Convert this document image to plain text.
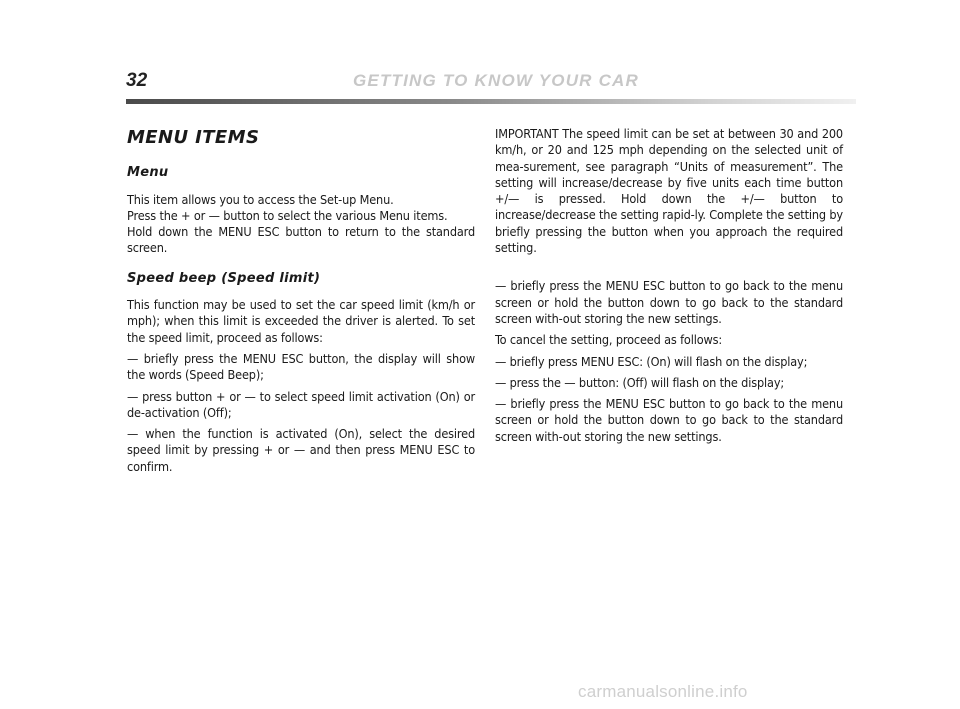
32	GETTING TO KNOW YOUR CAR
MENU ITEMS
Menu

This item allows you to access the Set-up Menu.
Press the + or — button to select the various Menu items.
Hold down the MENU ESC button to return to the standard screen.

Speed beep (Speed limit)

This function may be used to set the car speed limit (km/h or mph); when this limit is exceeded the driver is alerted. To set the speed limit, proceed as follows:

— briefly press the MENU ESC button, the display will show the words (Speed Beep);

— press button + or — to select speed limit activation (On) or de-activation (Off);

— when the function is activated (On), select the desired speed limit by pressing + or — and then press MENU ESC to confirm.

IMPORTANT The speed limit can be set at between 30 and 200 km/h, or 20 and 125 mph depending on the selected unit of mea-surement, see paragraph “Units of measurement”. The setting will increase/decrease by five units each time button +/— is pressed. Hold down the +/— button to increase/decrease the setting rapid-ly. Complete the setting by briefly pressing the button when you approach the required setting.

— briefly press the MENU ESC button to go back to the menu screen or hold the button down to go back to the standard screen with-out storing the new settings.

To cancel the setting, proceed as follows:

— briefly press MENU ESC: (On) will flash on the display;

— press the — button: (Off) will flash on the display;

— briefly press the MENU ESC button to go back to the menu screen or hold the button down to go back to the standard screen with-out storing the new settings.

carmanualsonline.info
